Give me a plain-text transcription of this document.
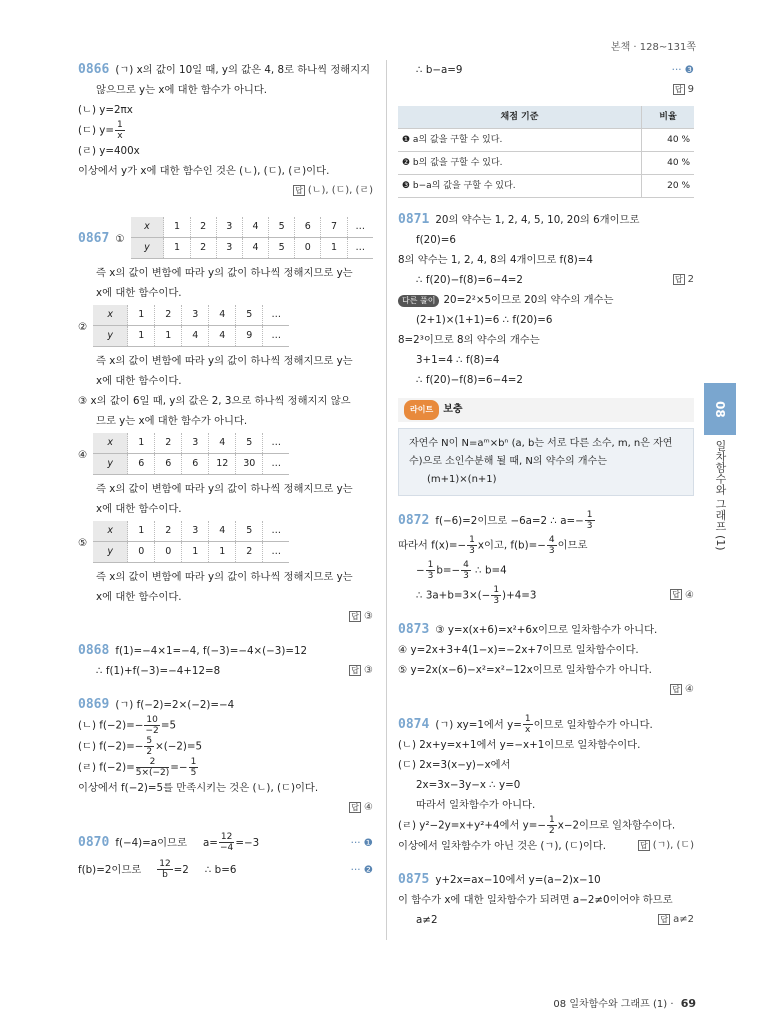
본책 · 128~131쪽
0866 (ㄱ) x의 값이 10일 때, y의 값은 4, 8로 하나씩 정해지지
않으므로 y는 x에 대한 함수가 아니다.
(ㄴ) y=2πx
(ㄷ) $y= \frac{1}{x}$
(ㄹ) y=400x
이상에서 y가 x에 대한 함수인 것은 (ㄴ), (ㄷ), (ㄹ)이다.
답 (ㄴ), (ㄷ), (ㄹ)
0867 ①
x	1	2	3	4	5	6	7	…
y	1	2	3	4	5	0	1	…
즉 x의 값이 변함에 따라 y의 값이 하나씩 정해지므로 y는
x에 대한 함수이다.
②
x	1	2	3	4	5	…
y	1	1	4	4	9	…
즉 x의 값이 변함에 따라 y의 값이 하나씩 정해지므로 y는
x에 대한 함수이다.
③ x의 값이 6일 때, y의 값은 2, 3으로 하나씩 정해지지 않으
므로 y는 x에 대한 함수가 아니다.
④
x	1	2	3	4	5	…
y	6	6	6	12	30	…
즉 x의 값이 변함에 따라 y의 값이 하나씩 정해지므로 y는
x에 대한 함수이다.
⑤
x	1	2	3	4	5	…
y	0	0	1	1	2	…
즉 x의 값이 변함에 따라 y의 값이 하나씩 정해지므로 y는
x에 대한 함수이다.
답 ③
0868 f(1)=−4×1=−4, f(−3)=−4×(−3)=12
∴ f(1)+f(−3)=−4+12=8	답 ③
0869 (ㄱ) f(−2)=2×(−2)=−4
(ㄴ) $f(-2)=- \frac{10}{-2} =5$
(ㄷ) $f(-2)=- \frac{5}{2} \times(-2)=5$
(ㄹ) $f(-2)= \frac{2}{5\times(-2)} =- \frac{1}{5}$
이상에서 f(−2)=5를 만족시키는 것은 (ㄴ), (ㄷ)이다.
답 ④
0870 f(−4)=a이므로 $a= \frac{12}{-4} =-3$	··· ❶
f(b)=2이므로 $\frac{12}{b} =2$ ∴ b=6	··· ❷
∴ b−a=9	··· ❸
답 9
채점 기준	비율
❶ a의 값을 구할 수 있다.	40 %
❷ b의 값을 구할 수 있다.	40 %
❸ b−a의 값을 구할 수 있다.	20 %
0871 20의 약수는 1, 2, 4, 5, 10, 20의 6개이므로
f(20)=6
8의 약수는 1, 2, 4, 8의 4개이므로 f(8)=4
∴ f(20)−f(8)=6−4=2	답 2
다른 풀이 20=2²×5이므로 20의 약수의 개수는
(2+1)×(1+1)=6 ∴ f(20)=6
8=2³이므로 8의 약수의 개수는
3+1=4 ∴ f(8)=4
∴ f(20)−f(8)=6−4=2
라이트 보충
자연수 N이 N=aᵐ×bⁿ (a, b는 서로 다른 소수, m, n은 자연
수)으로 소인수분해 될 때, N의 약수의 개수는
(m+1)×(n+1)
0872 f(−6)=2이므로 −6a=2 ∴ $a=- \frac{1}{3}$
따라서 $f(x)=- \frac{1}{3}$ x이고, $f(b)=- \frac{4}{3}$ 이므로
− $\frac{1}{3} b=- \frac{4}{3}$ ∴ b=4
∴ $3a+b=3\times(- \frac{1}{3} )+4=3$	답 ④
0873 ③ y=x(x+6)=x²+6x이므로 일차함수가 아니다.
④ y=2x+3+4(1−x)=−2x+7이므로 일차함수이다.
⑤ y=2x(x−6)−x²=x²−12x이므로 일차함수가 아니다.
답 ④
0874 (ㄱ) xy=1에서 $y= \frac{1}{x}$ 이므로 일차함수가 아니다.
(ㄴ) 2x+y=x+1에서 y=−x+1이므로 일차함수이다.
(ㄷ) 2x=3(x−y)−x에서
2x=3x−3y−x ∴ y=0
따라서 일차함수가 아니다.
(ㄹ) y²−2y=x+y²+4에서 $y=- \frac{1}{2} x-2$이므로 일차함수이다.
이상에서 일차함수가 아닌 것은 (ㄱ), (ㄷ)이다.	답 (ㄱ), (ㄷ)
0875 y+2x=ax−10에서 y=(a−2)x−10
이 함수가 x에 대한 일차함수가 되려면 a−2≠0이어야 하므로
a≠2	답 a≠2
08
일차함수와 그래프 (1)
08 일차함수와 그래프 (1) · 69
